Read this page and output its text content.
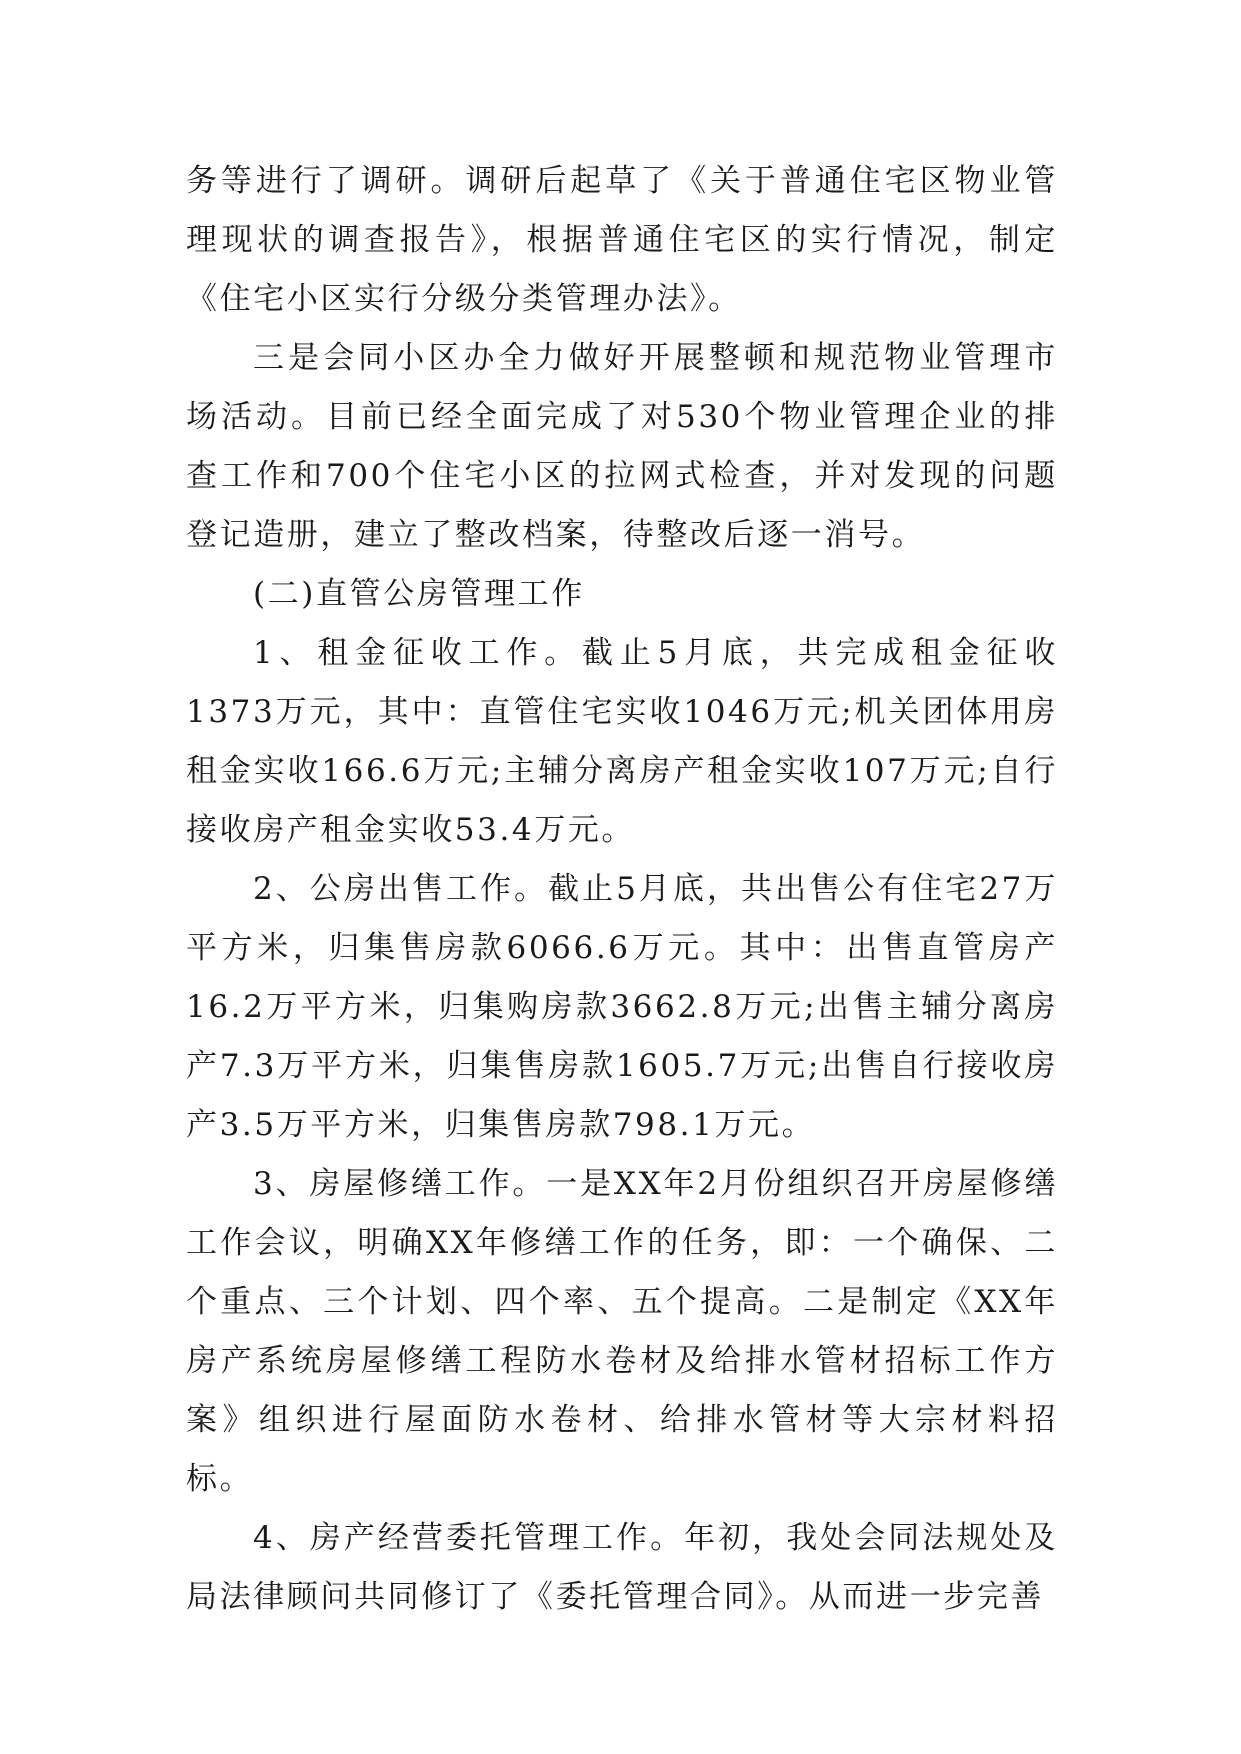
务等进行了调研。调研后起草了《关于普通住宅区物业管理现状的调查报告》，根据普通住宅区的实行情况，制定《住宅小区实行分级分类管理办法》。

三是会同小区办全力做好开展整顿和规范物业管理市场活动。目前已经全面完成了对530个物业管理企业的排查工作和700个住宅小区的拉网式检查，并对发现的问题登记造册，建立了整改档案，待整改后逐一消号。

(二)直管公房管理工作

1、租金征收工作。截止5月底，共完成租金征收1373万元，其中：直管住宅实收1046万元;机关团体用房租金实收166.6万元;主辅分离房产租金实收107万元;自行接收房产租金实收53.4万元。

2、公房出售工作。截止5月底，共出售公有住宅27万平方米，归集售房款6066.6万元。其中：出售直管房产16.2万平方米，归集购房款3662.8万元;出售主辅分离房产7.3万平方米，归集售房款1605.7万元;出售自行接收房产3.5万平方米，归集售房款798.1万元。

3、房屋修缮工作。一是XX年2月份组织召开房屋修缮工作会议，明确XX年修缮工作的任务，即：一个确保、二个重点、三个计划、四个率、五个提高。二是制定《XX年房产系统房屋修缮工程防水卷材及给排水管材招标工作方案》组织进行屋面防水卷材、给排水管材等大宗材料招标。

4、房产经营委托管理工作。年初，我处会同法规处及局法律顾问共同修订了《委托管理合同》。从而进一步完善
